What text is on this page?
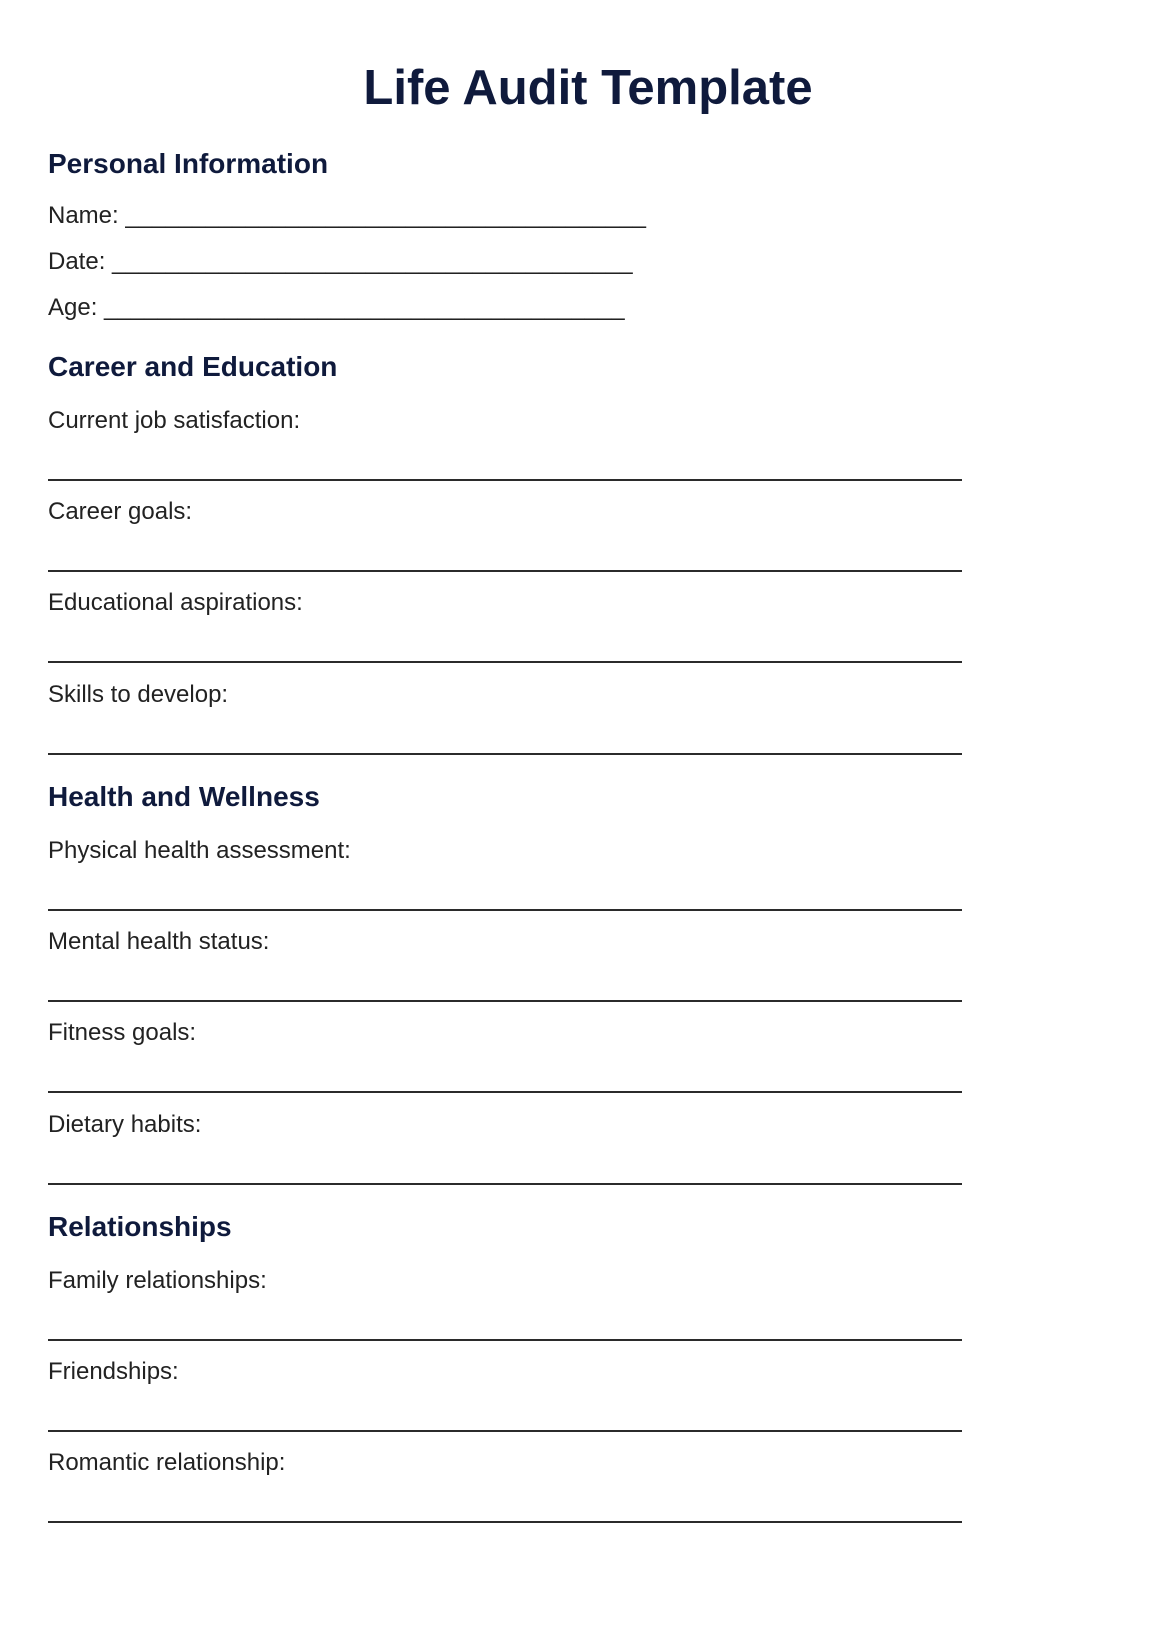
Life Audit Template
Personal Information
Name: _______________________________________
Date: _______________________________________
Age: _______________________________________
Career and Education
Current job satisfaction:
Career goals:
Educational aspirations:
Skills to develop:
Health and Wellness
Physical health assessment:
Mental health status:
Fitness goals:
Dietary habits:
Relationships
Family relationships:
Friendships:
Romantic relationship:
